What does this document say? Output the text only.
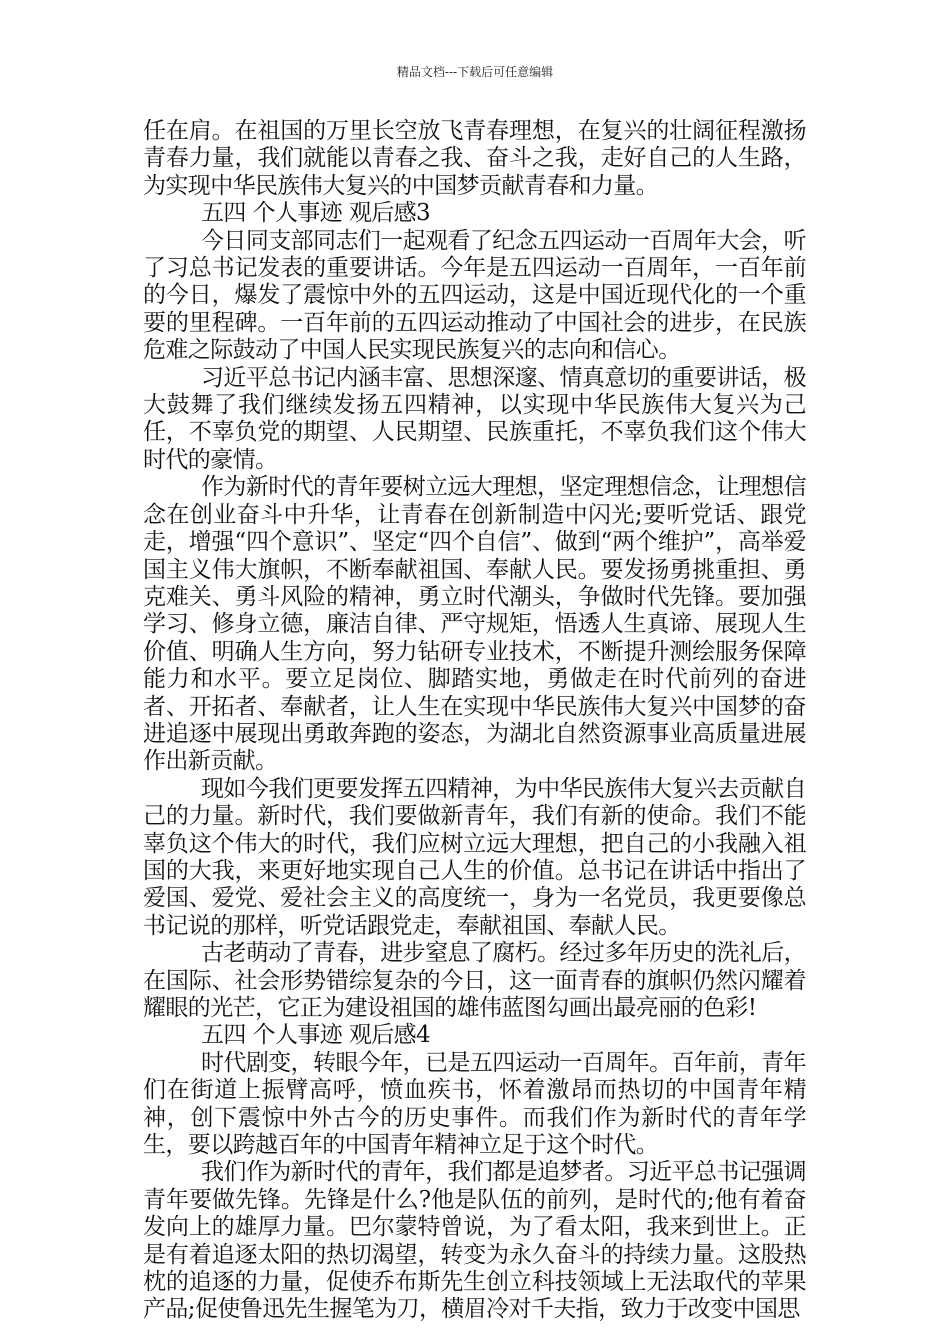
精品文档---下载后可任意编辑

任在肩。在祖国的万里长空放飞青春理想，在复兴的壮阔征程激扬青春力量，我们就能以青春之我、奋斗之我，走好自己的人生路，为实现中华民族伟大复兴的中国梦贡献青春和力量。

五四 个人事迹 观后感3

今日同支部同志们一起观看了纪念五四运动一百周年大会，听了习总书记发表的重要讲话。今年是五四运动一百周年，一百年前的今日，爆发了震惊中外的五四运动，这是中国近现代化的一个重要的里程碑。一百年前的五四运动推动了中国社会的进步，在民族危难之际鼓动了中国人民实现民族复兴的志向和信心。

习近平总书记内涵丰富、思想深邃、情真意切的重要讲话，极大鼓舞了我们继续发扬五四精神，以实现中华民族伟大复兴为己任，不辜负党的期望、人民期望、民族重托，不辜负我们这个伟大时代的豪情。

作为新时代的青年要树立远大理想，坚定理想信念，让理想信念在创业奋斗中升华，让青春在创新制造中闪光;要听党话、跟党走，增强“四个意识”、坚定“四个自信”、做到“两个维护”，高举爱国主义伟大旗帜，不断奉献祖国、奉献人民。要发扬勇挑重担、勇克难关、勇斗风险的精神，勇立时代潮头，争做时代先锋。要加强学习、修身立德，廉洁自律、严守规矩，悟透人生真谛、展现人生价值、明确人生方向，努力钻研专业技术，不断提升测绘服务保障能力和水平。要立足岗位、脚踏实地，勇做走在时代前列的奋进者、开拓者、奉献者，让人生在实现中华民族伟大复兴中国梦的奋进追逐中展现出勇敢奔跑的姿态，为湖北自然资源事业高质量进展作出新贡献。

现如今我们更要发挥五四精神，为中华民族伟大复兴去贡献自己的力量。新时代，我们要做新青年，我们有新的使命。我们不能辜负这个伟大的时代，我们应树立远大理想，把自己的小我融入祖国的大我，来更好地实现自己人生的价值。总书记在讲话中指出了爱国、爱党、爱社会主义的高度统一，身为一名党员，我更要像总书记说的那样，听党话跟党走，奉献祖国、奉献人民。

古老萌动了青春，进步窒息了腐朽。经过多年历史的洗礼后，在国际、社会形势错综复杂的今日，这一面青春的旗帜仍然闪耀着耀眼的光芒，它正为建设祖国的雄伟蓝图勾画出最亮丽的色彩!

五四 个人事迹 观后感4

时代剧变，转眼今年，已是五四运动一百周年。百年前，青年们在街道上振臂高呼，愤血疾书，怀着激昂而热切的中国青年精神，创下震惊中外古今的历史事件。而我们作为新时代的青年学生，要以跨越百年的中国青年精神立足于这个时代。

我们作为新时代的青年，我们都是追梦者。习近平总书记强调青年要做先锋。先锋是什么?他是队伍的前列，是时代的;他有着奋发向上的雄厚力量。巴尔蒙特曾说，为了看太阳，我来到世上。正是有着追逐太阳的热切渴望，转变为永久奋斗的持续力量。这股热枕的追逐的力量，促使乔布斯先生创立科技领域上无法取代的苹果产品;促使鲁迅先生握笔为刀，横眉冷对千夫指，致力于改变中国思
